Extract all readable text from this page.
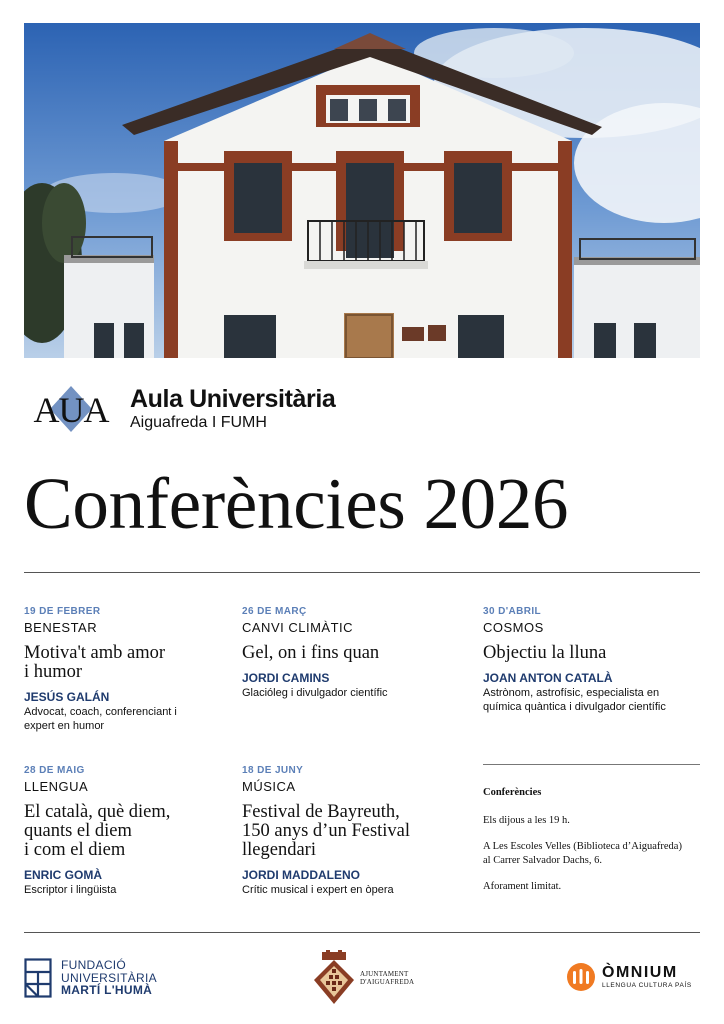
AUA Aula Universitària
Aiguafreda I FUMH
Conferències 2026
19 DE FEBRER
BENESTAR
Motiva't amb amor
i humor
JESÚS GALÁN
Advocat, coach, conferenciant i
expert en humor
26 DE MARÇ
CANVI CLIMÀTIC
Gel, on i fins quan
JORDI CAMINS
Glacióleg i divulgador científic
30 D'ABRIL
COSMOS
Objectiu la lluna
JOAN ANTON CATALÀ
Astrònom, astrofísic, especialista en
química quàntica i divulgador científic
28 DE MAIG
LLENGUA
El català, què diem,
quants el diem
i com el diem
ENRIC GOMÀ
Escriptor i lingüista
18 DE JUNY
MÚSICA
Festival de Bayreuth,
150 anys d’un Festival
llegendari
JORDI MADDALENO
Crític musical i expert en òpera
Conferències

Els dijous a les 19 h.

A Les Escoles Velles (Biblioteca d’Aiguafreda)
al Carrer Salvador Dachs, 6.

Aforament limitat.

FUNDACIÓ
UNIVERSITÀRIA
MARTÍ L'HUMÀ
AJUNTAMENT
D'AIGUAFREDA
ÒMNIUM
LLENGUA CULTURA PAÍS
